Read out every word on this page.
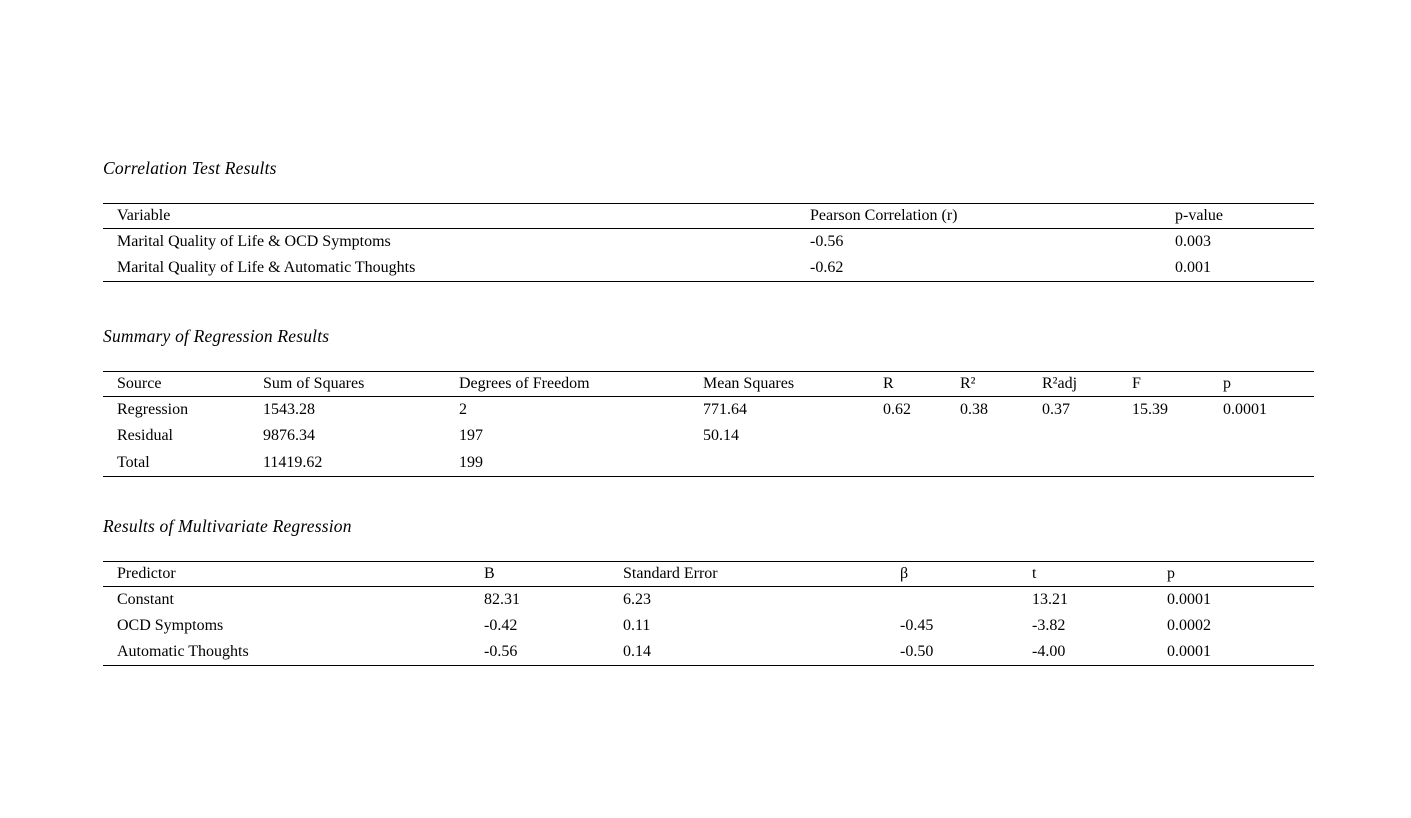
Correlation Test Results
Variable	Pearson Correlation (r)	p-value
Marital Quality of Life & OCD Symptoms	-0.56	0.003
Marital Quality of Life & Automatic Thoughts	-0.62	0.001
Summary of Regression Results
Source	Sum of Squares	Degrees of Freedom	Mean Squares	R	R²	R²adj	F	p
Regression	1543.28	2	771.64	0.62	0.38	0.37	15.39	0.0001
Residual	9876.34	197	50.14					
Total	11419.62	199						
Results of Multivariate Regression
Predictor	B	Standard Error	β	t	p
Constant	82.31	6.23		13.21	0.0001
OCD Symptoms	-0.42	0.11	-0.45	-3.82	0.0002
Automatic Thoughts	-0.56	0.14	-0.50	-4.00	0.0001
